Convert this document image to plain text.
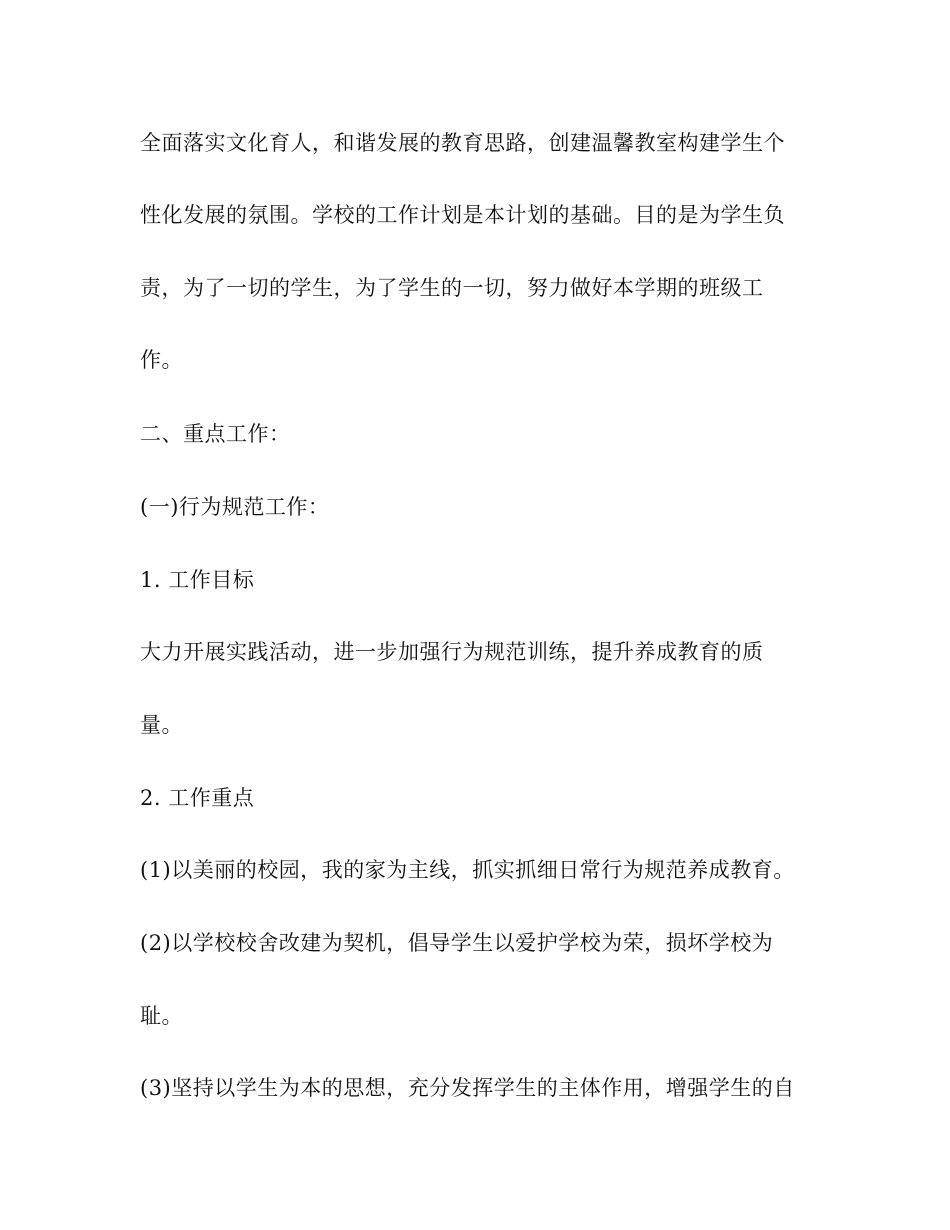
全面落实文化育人，和谐发展的教育思路，创建温馨教室构建学生个
性化发展的氛围。学校的工作计划是本计划的基础。目的是为学生负
责，为了一切的学生，为了学生的一切，努力做好本学期的班级工
作。
二、重点工作：
(一)行为规范工作：
1. 工作目标
大力开展实践活动，进一步加强行为规范训练，提升养成教育的质
量。
2. 工作重点
(1)以美丽的校园，我的家为主线，抓实抓细日常行为规范养成教育。
(2)以学校校舍改建为契机，倡导学生以爱护学校为荣，损坏学校为
耻。
(3)坚持以学生为本的思想，充分发挥学生的主体作用，增强学生的自
